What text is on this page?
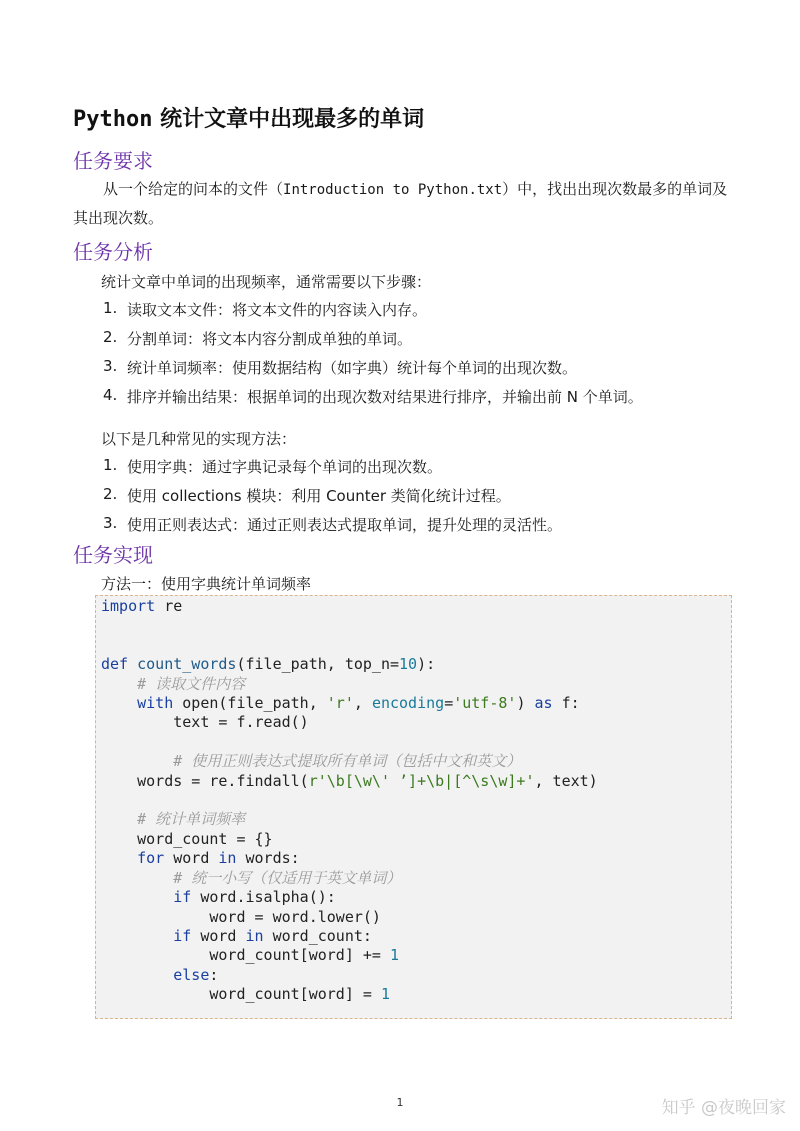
Python 统计文章中出现最多的单词
任务要求

从一个给定的问本的文件（Introduction to Python.txt）中，找出出现次数最多的单词及其出现次数。

任务分析
统计文章中单词的出现频率，通常需要以下步骤：
1. 读取文本文件：将文本文件的内容读入内存。
2. 分割单词：将文本内容分割成单独的单词。
3. 统计单词频率：使用数据结构（如字典）统计每个单词的出现次数。
4. 排序并输出结果：根据单词的出现次数对结果进行排序，并输出前 N 个单词。
以下是几种常见的实现方法：
1. 使用字典：通过字典记录每个单词的出现次数。
2. 使用 collections 模块：利用 Counter 类简化统计过程。
3. 使用正则表达式：通过正则表达式提取单词，提升处理的灵活性。
任务实现
方法一：使用字典统计单词频率
import re

def count_words(file_path, top_n=10):
# 读取文件内容
with open(file_path, 'r', encoding='utf-8') as f:
text = f.read()

# 使用正则表达式提取所有单词（包括中文和英文）
words = re.findall(r'\b[\w\' ’]+\b|[^\s\w]+', text)

# 统计单词频率
word_count = {}
for word in words:
# 统一小写（仅适用于英文单词）
if word.isalpha():
word = word.lower()
if word in word_count:
word_count[word] += 1
else:
word_count[word] = 1
1	知乎 @夜晚回家
